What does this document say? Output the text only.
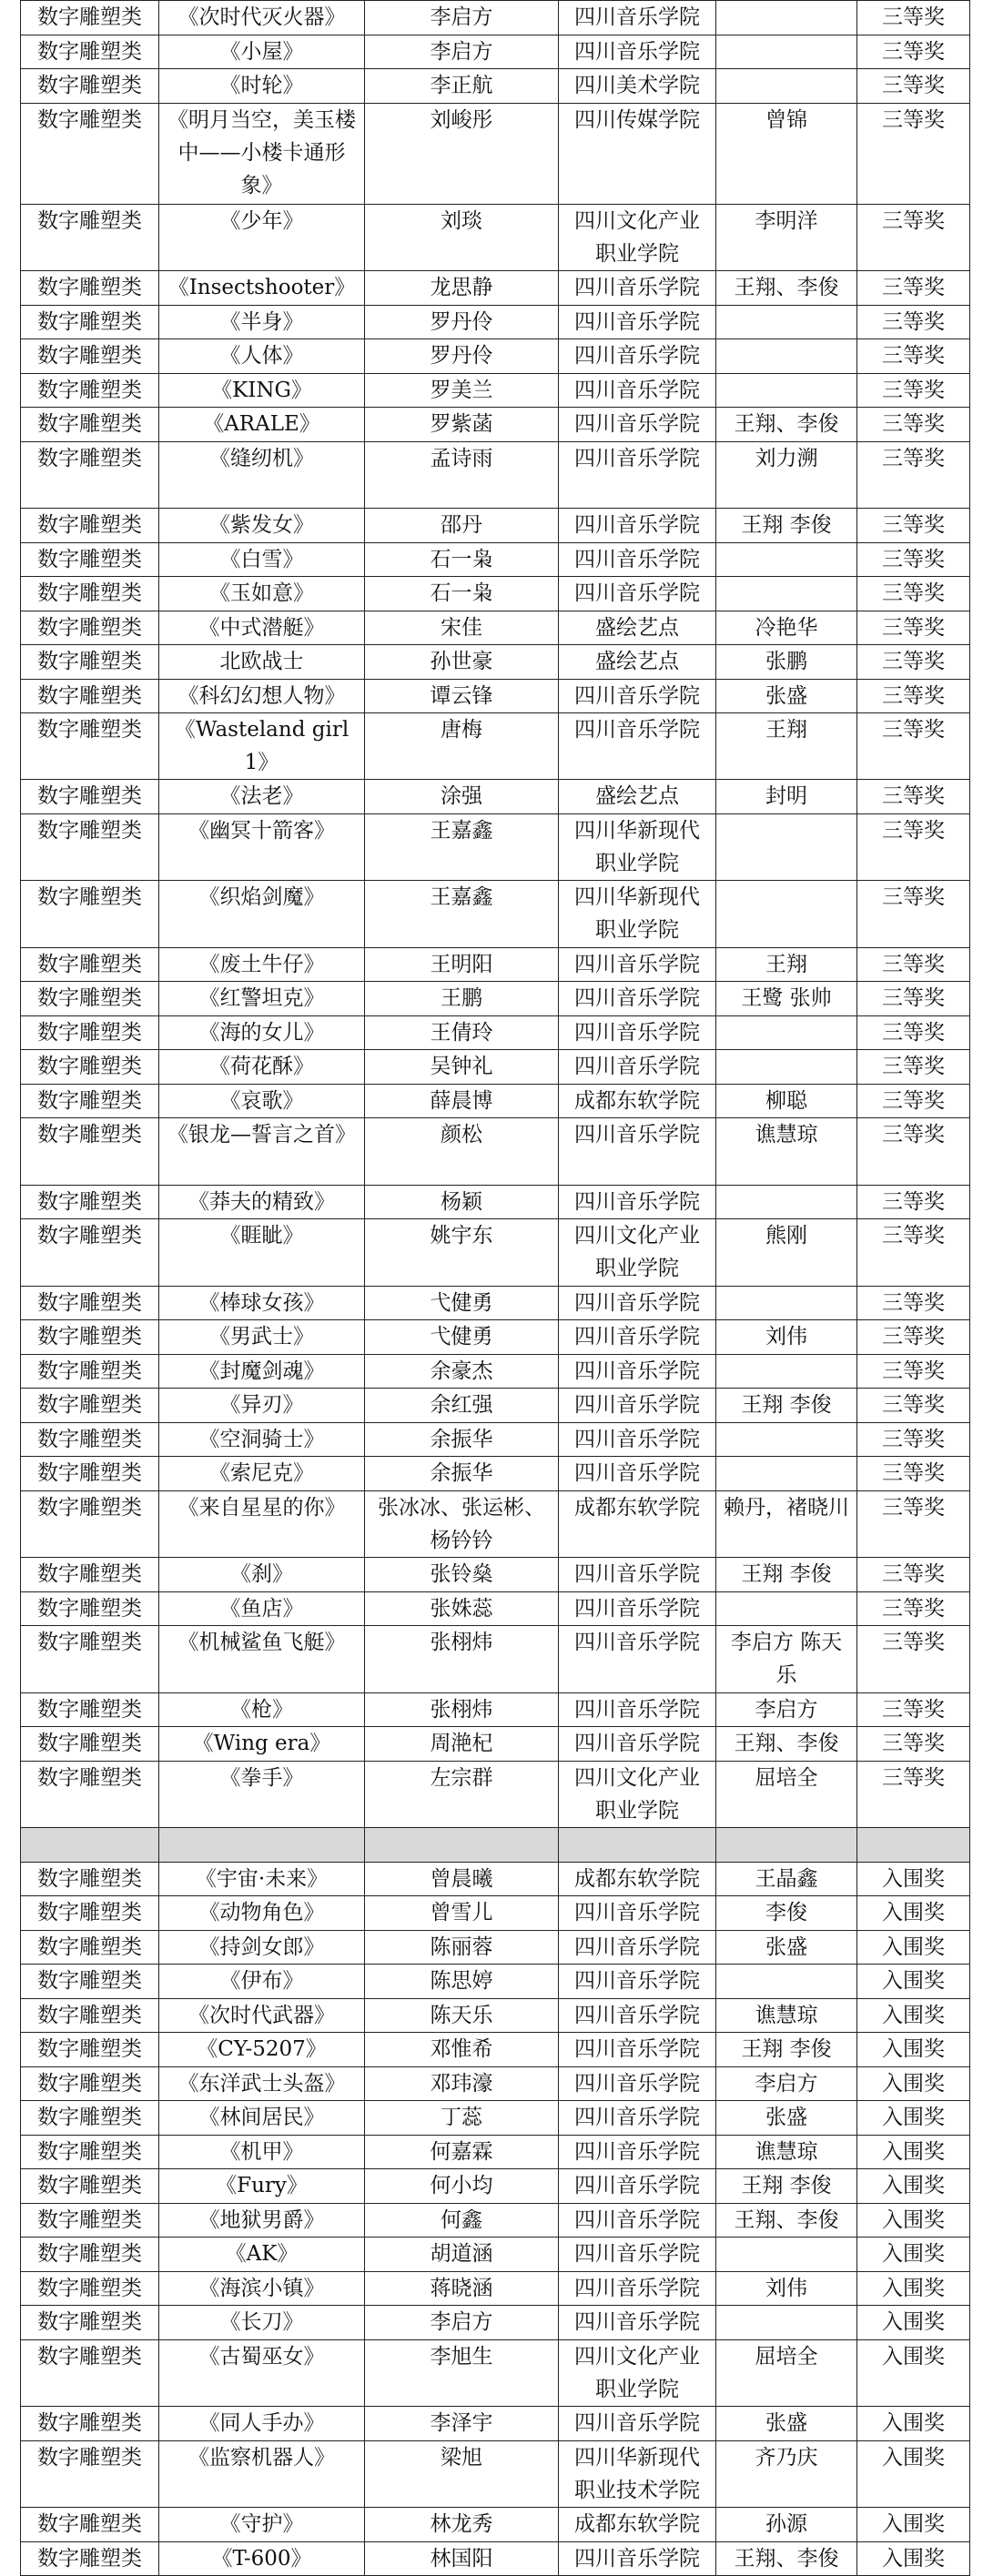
数字雕塑类	《次时代灭火器》	李启方	四川音乐学院		三等奖
数字雕塑类	《小屋》	李启方	四川音乐学院		三等奖
数字雕塑类	《时轮》	李正航	四川美术学院		三等奖
数字雕塑类	《明月当空，美玉楼中——小楼卡通形象》	刘峻彤	四川传媒学院	曾锦	三等奖
数字雕塑类	《少年》	刘琰	四川文化产业职业学院	李明洋	三等奖
数字雕塑类	《Insectshooter》	龙思静	四川音乐学院	王翔、李俊	三等奖
数字雕塑类	《半身》	罗丹伶	四川音乐学院		三等奖
数字雕塑类	《人体》	罗丹伶	四川音乐学院		三等奖
数字雕塑类	《KING》	罗美兰	四川音乐学院		三等奖
数字雕塑类	《ARALE》	罗紫菡	四川音乐学院	王翔、李俊	三等奖
数字雕塑类	《缝纫机》	孟诗雨	四川音乐学院	刘力溯	三等奖
数字雕塑类	《紫发女》	邵丹	四川音乐学院	王翔 李俊	三等奖
数字雕塑类	《白雪》	石一枭	四川音乐学院		三等奖
数字雕塑类	《玉如意》	石一枭	四川音乐学院		三等奖
数字雕塑类	《中式潜艇》	宋佳	盛绘艺点	冷艳华	三等奖
数字雕塑类	北欧战士	孙世豪	盛绘艺点	张鹏	三等奖
数字雕塑类	《科幻幻想人物》	谭云锋	四川音乐学院	张盛	三等奖
数字雕塑类	《Wasteland girl1》	唐梅	四川音乐学院	王翔	三等奖
数字雕塑类	《法老》	涂强	盛绘艺点	封明	三等奖
数字雕塑类	《幽冥十箭客》	王嘉鑫	四川华新现代职业学院		三等奖
数字雕塑类	《织焰剑魔》	王嘉鑫	四川华新现代职业学院		三等奖
数字雕塑类	《废土牛仔》	王明阳	四川音乐学院	王翔	三等奖
数字雕塑类	《红警坦克》	王鹏	四川音乐学院	王鹭 张帅	三等奖
数字雕塑类	《海的女儿》	王倩玲	四川音乐学院		三等奖
数字雕塑类	《荷花酥》	吴钟礼	四川音乐学院		三等奖
数字雕塑类	《哀歌》	薛晨博	成都东软学院	柳聪	三等奖
数字雕塑类	《银龙—誓言之首》	颜松	四川音乐学院	谯慧琼	三等奖
数字雕塑类	《莽夫的精致》	杨颖	四川音乐学院		三等奖
数字雕塑类	《睚眦》	姚宇东	四川文化产业职业学院	熊刚	三等奖
数字雕塑类	《棒球女孩》	弋健勇	四川音乐学院		三等奖
数字雕塑类	《男武士》	弋健勇	四川音乐学院	刘伟	三等奖
数字雕塑类	《封魔剑魂》	余豪杰	四川音乐学院		三等奖
数字雕塑类	《异刃》	余红强	四川音乐学院	王翔 李俊	三等奖
数字雕塑类	《空洞骑士》	余振华	四川音乐学院		三等奖
数字雕塑类	《索尼克》	余振华	四川音乐学院		三等奖
数字雕塑类	《来自星星的你》	张冰冰、张运彬、杨钤钤	成都东软学院	赖丹，褚晓川	三等奖
数字雕塑类	《刹》	张铃燊	四川音乐学院	王翔 李俊	三等奖
数字雕塑类	《鱼店》	张姝蕊	四川音乐学院		三等奖
数字雕塑类	《机械鲨鱼飞艇》	张栩炜	四川音乐学院	李启方 陈天乐	三等奖
数字雕塑类	《枪》	张栩炜	四川音乐学院	李启方	三等奖
数字雕塑类	《Wing era》	周滟杞	四川音乐学院	王翔、李俊	三等奖
数字雕塑类	《拳手》	左宗群	四川文化产业职业学院	屈培全	三等奖

数字雕塑类	《宇宙·未来》	曾晨曦	成都东软学院	王晶鑫	入围奖
数字雕塑类	《动物角色》	曾雪儿	四川音乐学院	李俊	入围奖
数字雕塑类	《持剑女郎》	陈丽蓉	四川音乐学院	张盛	入围奖
数字雕塑类	《伊布》	陈思婷	四川音乐学院		入围奖
数字雕塑类	《次时代武器》	陈天乐	四川音乐学院	谯慧琼	入围奖
数字雕塑类	《CY-5207》	邓惟希	四川音乐学院	王翔 李俊	入围奖
数字雕塑类	《东洋武士头盔》	邓玮濠	四川音乐学院	李启方	入围奖
数字雕塑类	《林间居民》	丁蕊	四川音乐学院	张盛	入围奖
数字雕塑类	《机甲》	何嘉霖	四川音乐学院	谯慧琼	入围奖
数字雕塑类	《Fury》	何小均	四川音乐学院	王翔 李俊	入围奖
数字雕塑类	《地狱男爵》	何鑫	四川音乐学院	王翔、李俊	入围奖
数字雕塑类	《AK》	胡道涵	四川音乐学院		入围奖
数字雕塑类	《海滨小镇》	蒋晓涵	四川音乐学院	刘伟	入围奖
数字雕塑类	《长刀》	李启方	四川音乐学院		入围奖
数字雕塑类	《古蜀巫女》	李旭生	四川文化产业职业学院	屈培全	入围奖
数字雕塑类	《同人手办》	李泽宇	四川音乐学院	张盛	入围奖
数字雕塑类	《监察机器人》	梁旭	四川华新现代职业技术学院	齐乃庆	入围奖
数字雕塑类	《守护》	林龙秀	成都东软学院	孙源	入围奖
数字雕塑类	《T-600》	林国阳	四川音乐学院	王翔、李俊	入围奖
